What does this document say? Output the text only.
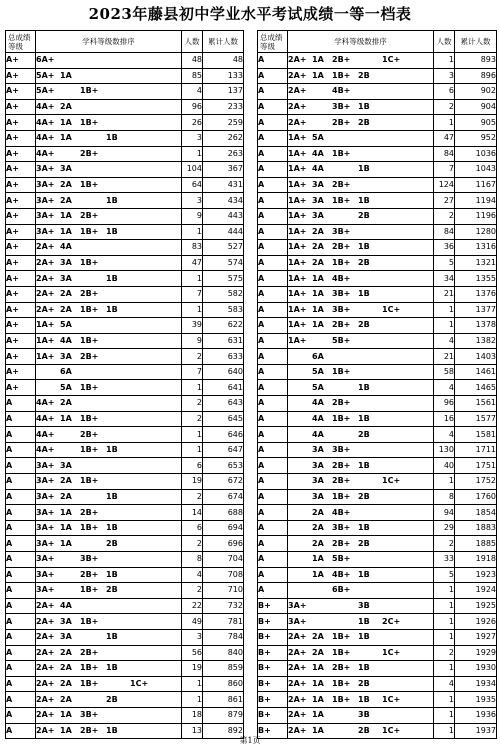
2023年藤县初中学业水平考试成绩一等一档表
总成绩
等级	学科等级数排序	人数	累计人数
A+	6A+	48	48
A+	5A+ 1A	85	133
A+	5A+ 1B+	4	137
A+	4A+ 2A	96	233
A+	4A+ 1A 1B+	26	259
A+	4A+ 1A 1B	3	262
A+	4A+ 2B+	1	263
A+	3A+ 3A	104	367
A+	3A+ 2A 1B+	64	431
A+	3A+ 2A 1B	3	434
A+	3A+ 1A 2B+	9	443
A+	3A+ 1A 1B+ 1B	1	444
A+	2A+ 4A	83	527
A+	2A+ 3A 1B+	47	574
A+	2A+ 3A 1B	1	575
A+	2A+ 2A 2B+	7	582
A+	2A+ 2A 1B+ 1B	1	583
A+	1A+ 5A	39	622
A+	1A+ 4A 1B+	9	631
A+	1A+ 3A 2B+	2	633
A+	6A	7	640
A+	5A 1B+	1	641
A	4A+ 2A	2	643
A	4A+ 1A 1B+	2	645
A	4A+ 2B+	1	646
A	4A+ 1B+ 1B	1	647
A	3A+ 3A	6	653
A	3A+ 2A 1B+	19	672
A	3A+ 2A 1B	2	674
A	3A+ 1A 2B+	14	688
A	3A+ 1A 1B+ 1B	6	694
A	3A+ 1A 2B	2	696
A	3A+ 3B+	8	704
A	3A+ 2B+ 1B	4	708
A	3A+ 1B+ 2B	2	710
A	2A+ 4A	22	732
A	2A+ 3A 1B+	49	781
A	2A+ 3A 1B	3	784
A	2A+ 2A 2B+	56	840
A	2A+ 2A 1B+ 1B	19	859
A	2A+ 2A 1B+ 1C+	1	860
A	2A+ 2A 2B	1	861
A	2A+ 1A 3B+	18	879
A	2A+ 1A 2B+ 1B	13	892
总成绩
等级	学科等级数排序	人数	累计人数
A	2A+ 1A 2B+ 1C+	1	893
A	2A+ 1A 1B+ 2B	3	896
A	2A+ 4B+	6	902
A	2A+ 3B+ 1B	2	904
A	2A+ 2B+ 2B	1	905
A	1A+ 5A	47	952
A	1A+ 4A 1B+	84	1036
A	1A+ 4A 1B	7	1043
A	1A+ 3A 2B+	124	1167
A	1A+ 3A 1B+ 1B	27	1194
A	1A+ 3A 2B	2	1196
A	1A+ 2A 3B+	84	1280
A	1A+ 2A 2B+ 1B	36	1316
A	1A+ 2A 1B+ 2B	5	1321
A	1A+ 1A 4B+	34	1355
A	1A+ 1A 3B+ 1B	21	1376
A	1A+ 1A 3B+ 1C+	1	1377
A	1A+ 1A 2B+ 2B	1	1378
A	1A+ 5B+	4	1382
A	6A	21	1403
A	5A 1B+	58	1461
A	5A 1B	4	1465
A	4A 2B+	96	1561
A	4A 1B+ 1B	16	1577
A	4A 2B	4	1581
A	3A 3B+	130	1711
A	3A 2B+ 1B	40	1751
A	3A 2B+ 1C+	1	1752
A	3A 1B+ 2B	8	1760
A	2A 4B+	94	1854
A	2A 3B+ 1B	29	1883
A	2A 2B+ 2B	2	1885
A	1A 5B+	33	1918
A	1A 4B+ 1B	5	1923
A	6B+	1	1924
B+	3A+ 3B	1	1925
B+	3A+ 1B 2C+	1	1926
B+	2A+ 2A 1B+ 1B	1	1927
B+	2A+ 2A 1B+ 1C+	2	1929
B+	2A+ 1A 2B+ 1B	1	1930
B+	2A+ 1A 1B+ 2B	4	1934
B+	2A+ 1A 1B+ 1B 1C+	1	1935
B+	2A+ 1A 3B	1	1936
B+	2A+ 1A 2B 1C+	1	1937
第1页
